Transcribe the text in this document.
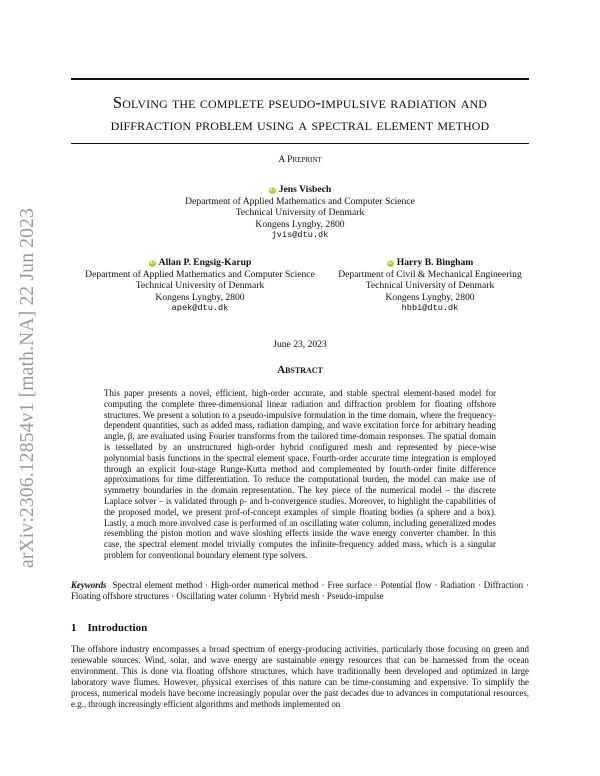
arXiv:2306.12854v1 [math.NA] 22 Jun 2023
Solving the complete pseudo-impulsive radiation and
diffraction problem using a spectral element method
A Preprint
iD Jens Visbech
Department of Applied Mathematics and Computer Science
Technical University of Denmark
Kongens Lyngby, 2800
jvis@dtu.dk
iD Allan P. Engsig-Karup
Department of Applied Mathematics and Computer Science
Technical University of Denmark
Kongens Lyngby, 2800
apek@dtu.dk
iD Harry B. Bingham
Department of Civil & Mechanical Engineering
Technical University of Denmark
Kongens Lyngby, 2800
hbbi@dtu.dk
June 23, 2023
Abstract
This paper presents a novel, efficient, high-order accurate, and stable spectral element-based model for computing the complete three-dimensional linear radiation and diffraction problem for floating offshore structures. We present a solution to a pseudo-impulsive formulation in the time domain, where the frequency-dependent quantities, such as added mass, radiation damping, and wave excitation force for arbitrary heading angle, β, are evaluated using Fourier transforms from the tailored time-domain responses. The spatial domain is tessellated by an unstructured high-order hybrid configured mesh and represented by piece-wise polynomial basis functions in the spectral element space. Fourth-order accurate time integration is employed through an explicit four-stage Runge-Kutta method and complemented by fourth-order finite difference approximations for time differentiation. To reduce the computational burden, the model can make use of symmetry boundaries in the domain representation. The key piece of the numerical model – the discrete Laplace solver – is validated through p- and h-convergence studies. Moreover, to highlight the capabilities of the proposed model, we present prof-of-concept examples of simple floating bodies (a sphere and a box). Lastly, a much more involved case is performed of an oscillating water column, including generalized modes resembling the piston motion and wave sloshing effects inside the wave energy converter chamber. In this case, the spectral element model trivially computes the infinite-frequency added mass, which is a singular problem for conventional boundary element type solvers.
Keywords Spectral element method · High-order numerical method · Free surface · Potential flow · Radiation · Diffraction · Floating offshore structures · Oscillating water column · Hybrid mesh · Pseudo-impulse
1 Introduction
The offshore industry encompasses a broad spectrum of energy-producing activities, particularly those focusing on green and renewable sources. Wind, solar, and wave energy are sustainable energy resources that can be harnessed from the ocean environment. This is done via floating offshore structures, which have traditionally been developed and optimized in large laboratory wave flumes. However, physical exercises of this nature can be time-consuming and expensive. To simplify the process, numerical models have become increasingly popular over the past decades due to advances in computational resources, e.g., through increasingly efficient algorithms and methods implemented on
